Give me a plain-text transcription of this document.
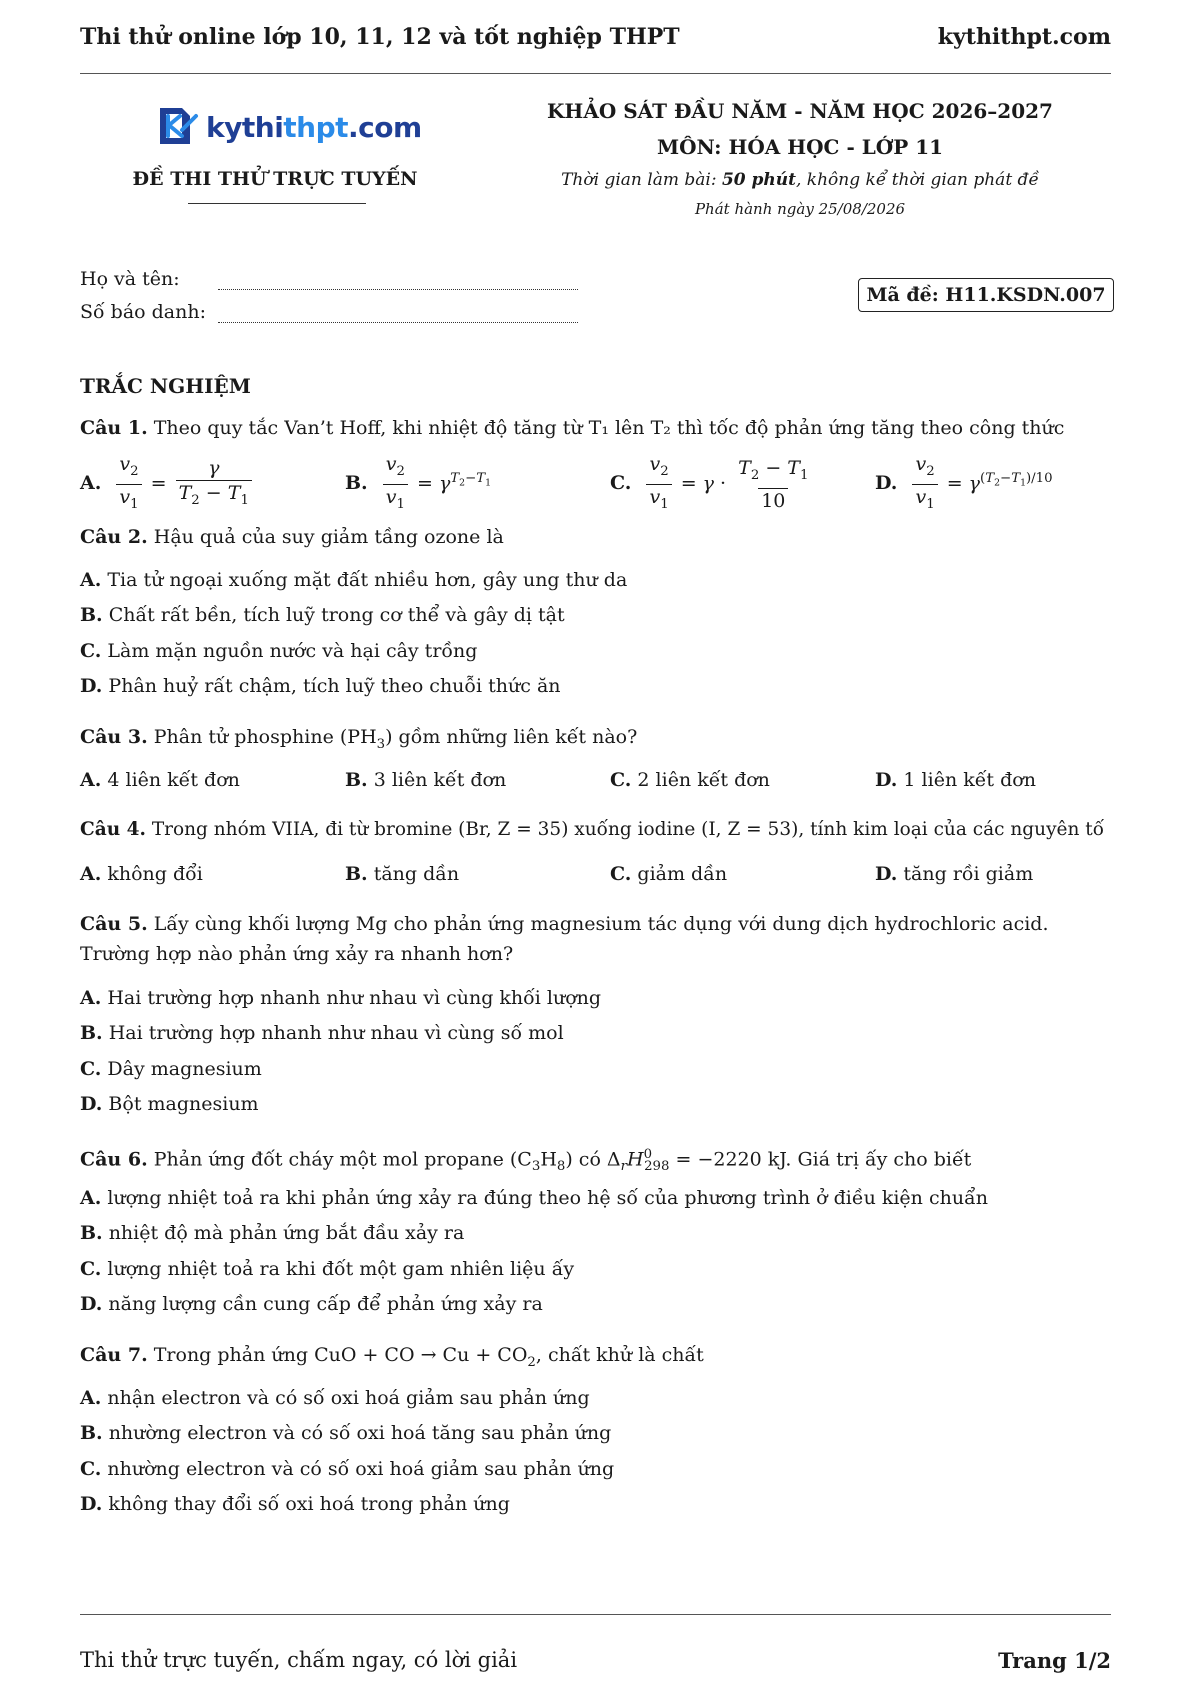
Thi thử online lớp 10, 11, 12 và tốt nghiệp THPT	kythithpt.com
kythithpt.com
ĐỀ THI THỬ TRỰC TUYẾN
KHẢO SÁT ĐẦU NĂM - NĂM HỌC 2026–2027
MÔN: HÓA HỌC - LỚP 11
Thời gian làm bài: 50 phút, không kể thời gian phát đề
Phát hành ngày 25/08/2026
Họ và tên:
Số báo danh:
Mã đề: H11.KSDN.007
TRẮC NGHIỆM
Câu 1. Theo quy tắc Van’t Hoff, khi nhiệt độ tăng từ T₁ lên T₂ thì tốc độ phản ứng tăng theo công thức
A. $\frac{v_2}{v_1} = \frac{\gamma}{T_2 - T_1}$	B. $\frac{v_2}{v_1} = \gamma^{T_2-T_1}$	C. $\frac{v_2}{v_1} = \gamma \cdot \frac{T_2 - T_1}{10}$	D. $\frac{v_2}{v_1} = \gamma^{(T_2-T_1)/10}$
Câu 2. Hậu quả của suy giảm tầng ozone là
A. Tia tử ngoại xuống mặt đất nhiều hơn, gây ung thư da
B. Chất rất bền, tích luỹ trong cơ thể và gây dị tật
C. Làm mặn nguồn nước và hại cây trồng
D. Phân huỷ rất chậm, tích luỹ theo chuỗi thức ăn
Câu 3. Phân tử phosphine $(PH_3)$ gồm những liên kết nào?
A. 4 liên kết đơn	B. 3 liên kết đơn	C. 2 liên kết đơn	D. 1 liên kết đơn
Câu 4. Trong nhóm VIIA, đi từ bromine (Br, Z = 35) xuống iodine (I, Z = 53), tính kim loại của các nguyên tố
A. không đổi	B. tăng dần	C. giảm dần	D. tăng rồi giảm
Câu 5. Lấy cùng khối lượng Mg cho phản ứng magnesium tác dụng với dung dịch hydrochloric acid. Trường hợp nào phản ứng xảy ra nhanh hơn?
A. Hai trường hợp nhanh như nhau vì cùng khối lượng
B. Hai trường hợp nhanh như nhau vì cùng số mol
C. Dây magnesium
D. Bột magnesium
Câu 6. Phản ứng đốt cháy một mol propane $(C_3H_8)$ có $\Delta_rH^0_{298} = -2220$ kJ. Giá trị ấy cho biết
A. lượng nhiệt toả ra khi phản ứng xảy ra đúng theo hệ số của phương trình ở điều kiện chuẩn
B. nhiệt độ mà phản ứng bắt đầu xảy ra
C. lượng nhiệt toả ra khi đốt một gam nhiên liệu ấy
D. năng lượng cần cung cấp để phản ứng xảy ra
Câu 7. Trong phản ứng CuO + CO → $Cu + CO_2$, chất khử là chất
A. nhận electron và có số oxi hoá giảm sau phản ứng
B. nhường electron và có số oxi hoá tăng sau phản ứng
C. nhường electron và có số oxi hoá giảm sau phản ứng
D. không thay đổi số oxi hoá trong phản ứng
Thi thử trực tuyến, chấm ngay, có lời giải	Trang 1/2
